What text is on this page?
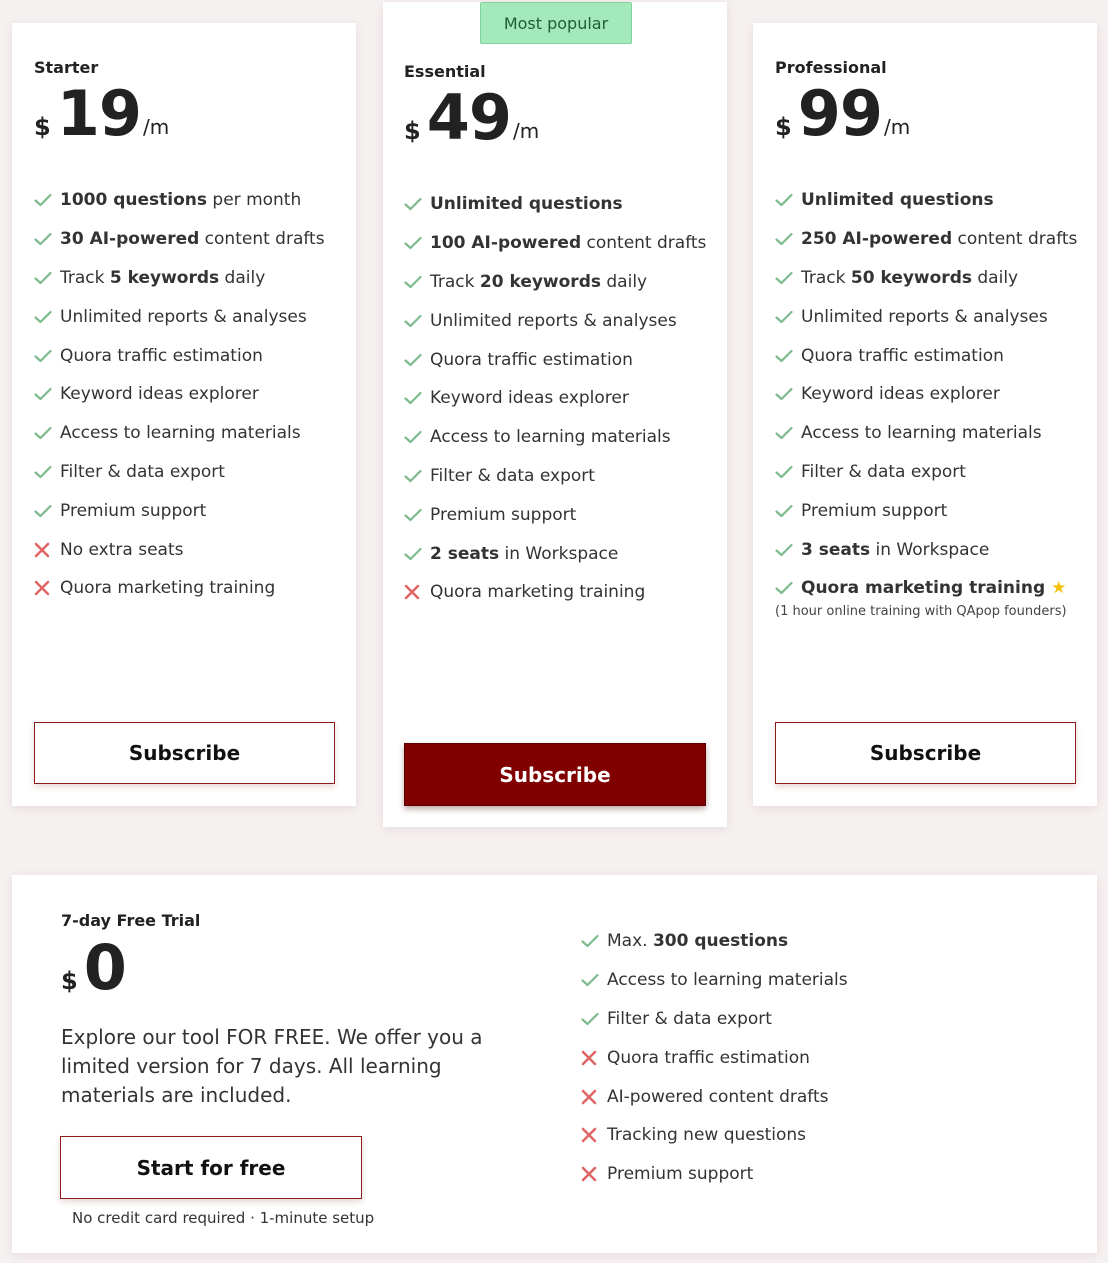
Starter
$ 19 /m
1000 questions per month
30 AI-powered content drafts
Track 5 keywords daily
Unlimited reports & analyses
Quora traffic estimation
Keyword ideas explorer
Access to learning materials
Filter & data export
Premium support
No extra seats
Quora marketing training
Subscribe
Most popular
Essential
$ 49 /m
Unlimited questions
100 AI-powered content drafts
Track 20 keywords daily
Unlimited reports & analyses
Quora traffic estimation
Keyword ideas explorer
Access to learning materials
Filter & data export
Premium support
2 seats in Workspace
Quora marketing training
Subscribe
Professional
$ 99 /m
Unlimited questions
250 AI-powered content drafts
Track 50 keywords daily
Unlimited reports & analyses
Quora traffic estimation
Keyword ideas explorer
Access to learning materials
Filter & data export
Premium support
3 seats in Workspace
Quora marketing training ★
(1 hour online training with QApop founders)
Subscribe
7-day Free Trial
$ 0
Explore our tool FOR FREE. We offer you a limited version for 7 days. All learning materials are included.
Start for free
No credit card required · 1-minute setup
Max. 300 questions
Access to learning materials
Filter & data export
Quora traffic estimation
AI-powered content drafts
Tracking new questions
Premium support
